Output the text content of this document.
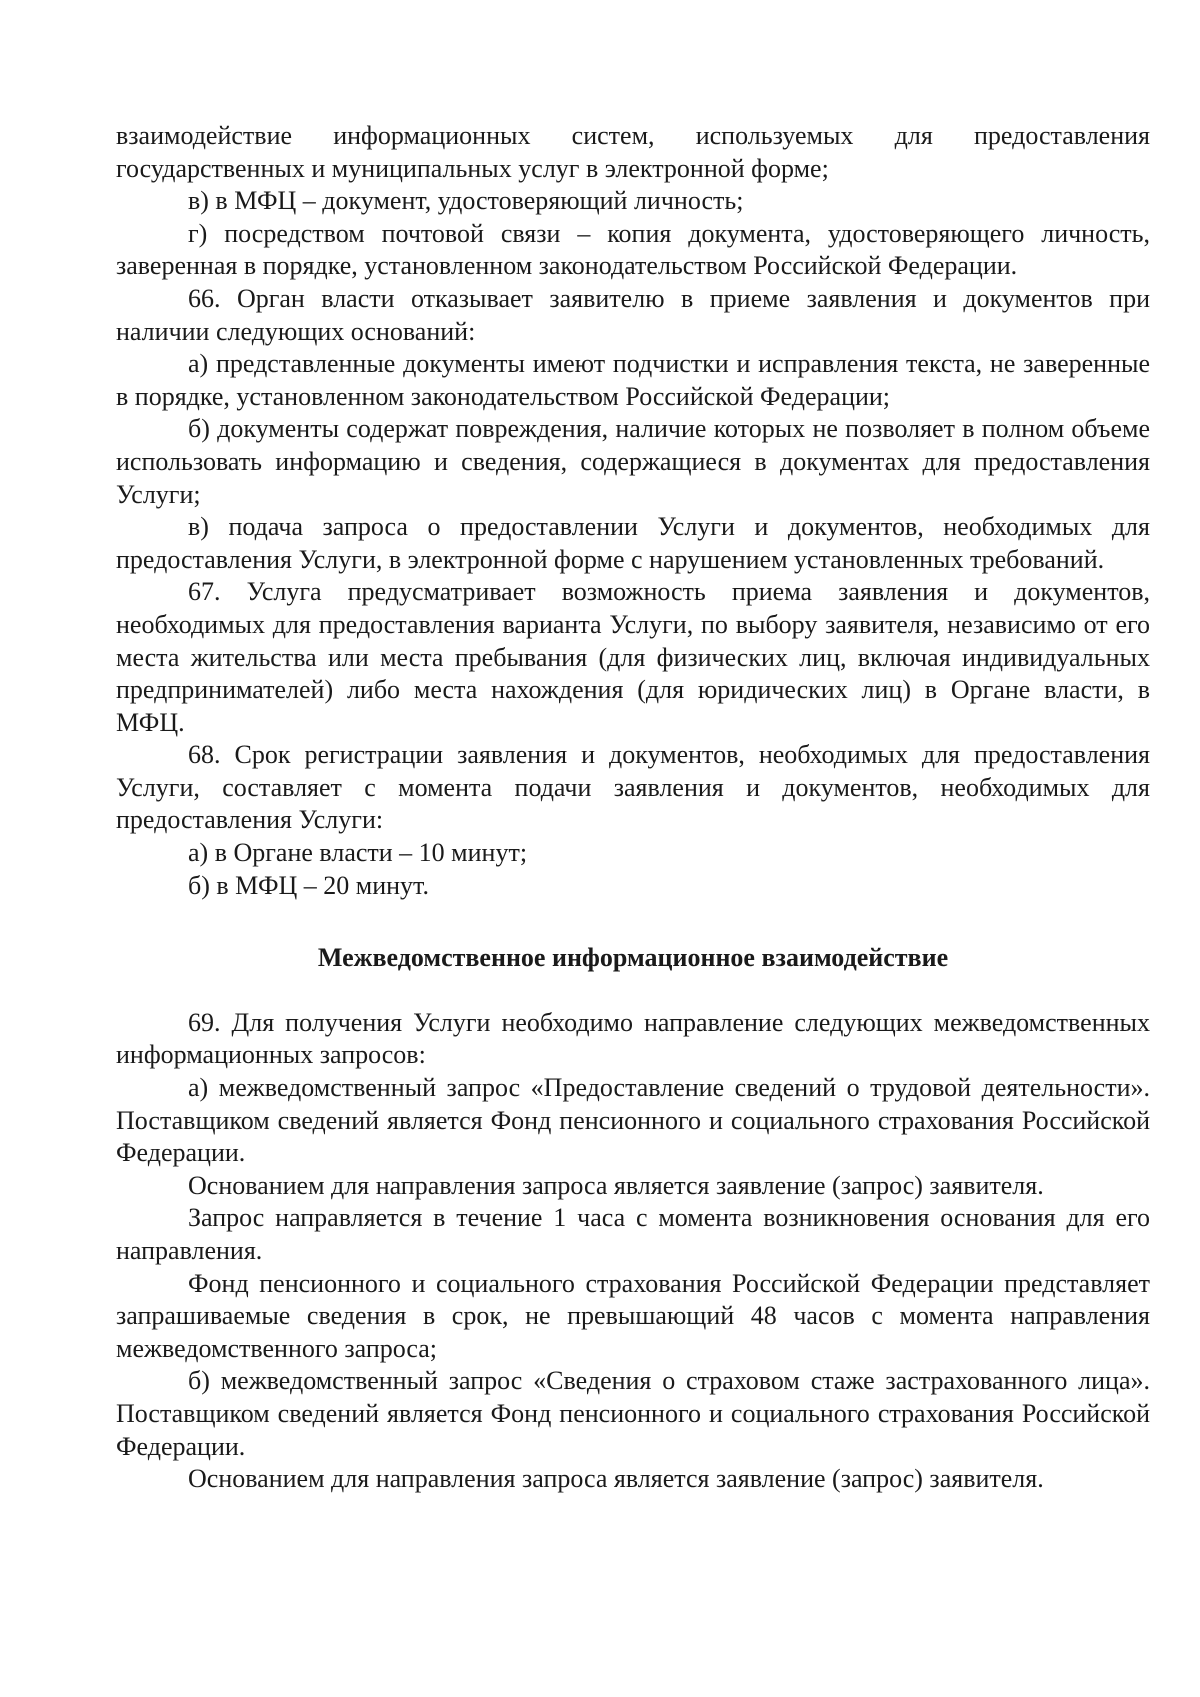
взаимодействие информационных систем, используемых для предоставления государственных и муниципальных услуг в электронной форме;

в) в МФЦ – документ, удостоверяющий личность;

г) посредством почтовой связи – копия документа, удостоверяющего личность, заверенная в порядке, установленном законодательством Российской Федерации.

66. Орган власти отказывает заявителю в приеме заявления и документов при наличии следующих оснований:

а) представленные документы имеют подчистки и исправления текста, не заверенные в порядке, установленном законодательством Российской Федерации;

б) документы содержат повреждения, наличие которых не позволяет в полном объеме использовать информацию и сведения, содержащиеся в документах для предоставления Услуги;

в) подача запроса о предоставлении Услуги и документов, необходимых для предоставления Услуги, в электронной форме с нарушением установленных требований.

67. Услуга предусматривает возможность приема заявления и документов, необходимых для предоставления варианта Услуги, по выбору заявителя, независимо от его места жительства или места пребывания (для физических лиц, включая индивидуальных предпринимателей) либо места нахождения (для юридических лиц) в Органе власти, в МФЦ.

68. Срок регистрации заявления и документов, необходимых для предоставления Услуги, составляет с момента подачи заявления и документов, необходимых для предоставления Услуги:

а) в Органе власти – 10 минут;

б) в МФЦ – 20 минут.

Межведомственное информационное взаимодействие

69. Для получения Услуги необходимо направление следующих межведомственных информационных запросов:

а) межведомственный запрос «Предоставление сведений о трудовой деятельности». Поставщиком сведений является Фонд пенсионного и социального страхования Российской Федерации.

Основанием для направления запроса является заявление (запрос) заявителя.

Запрос направляется в течение 1 часа с момента возникновения основания для его направления.

Фонд пенсионного и социального страхования Российской Федерации представляет запрашиваемые сведения в срок, не превышающий 48 часов с момента направления межведомственного запроса;

б) межведомственный запрос «Сведения о страховом стаже застрахованного лица». Поставщиком сведений является Фонд пенсионного и социального страхования Российской Федерации.

Основанием для направления запроса является заявление (запрос) заявителя.
